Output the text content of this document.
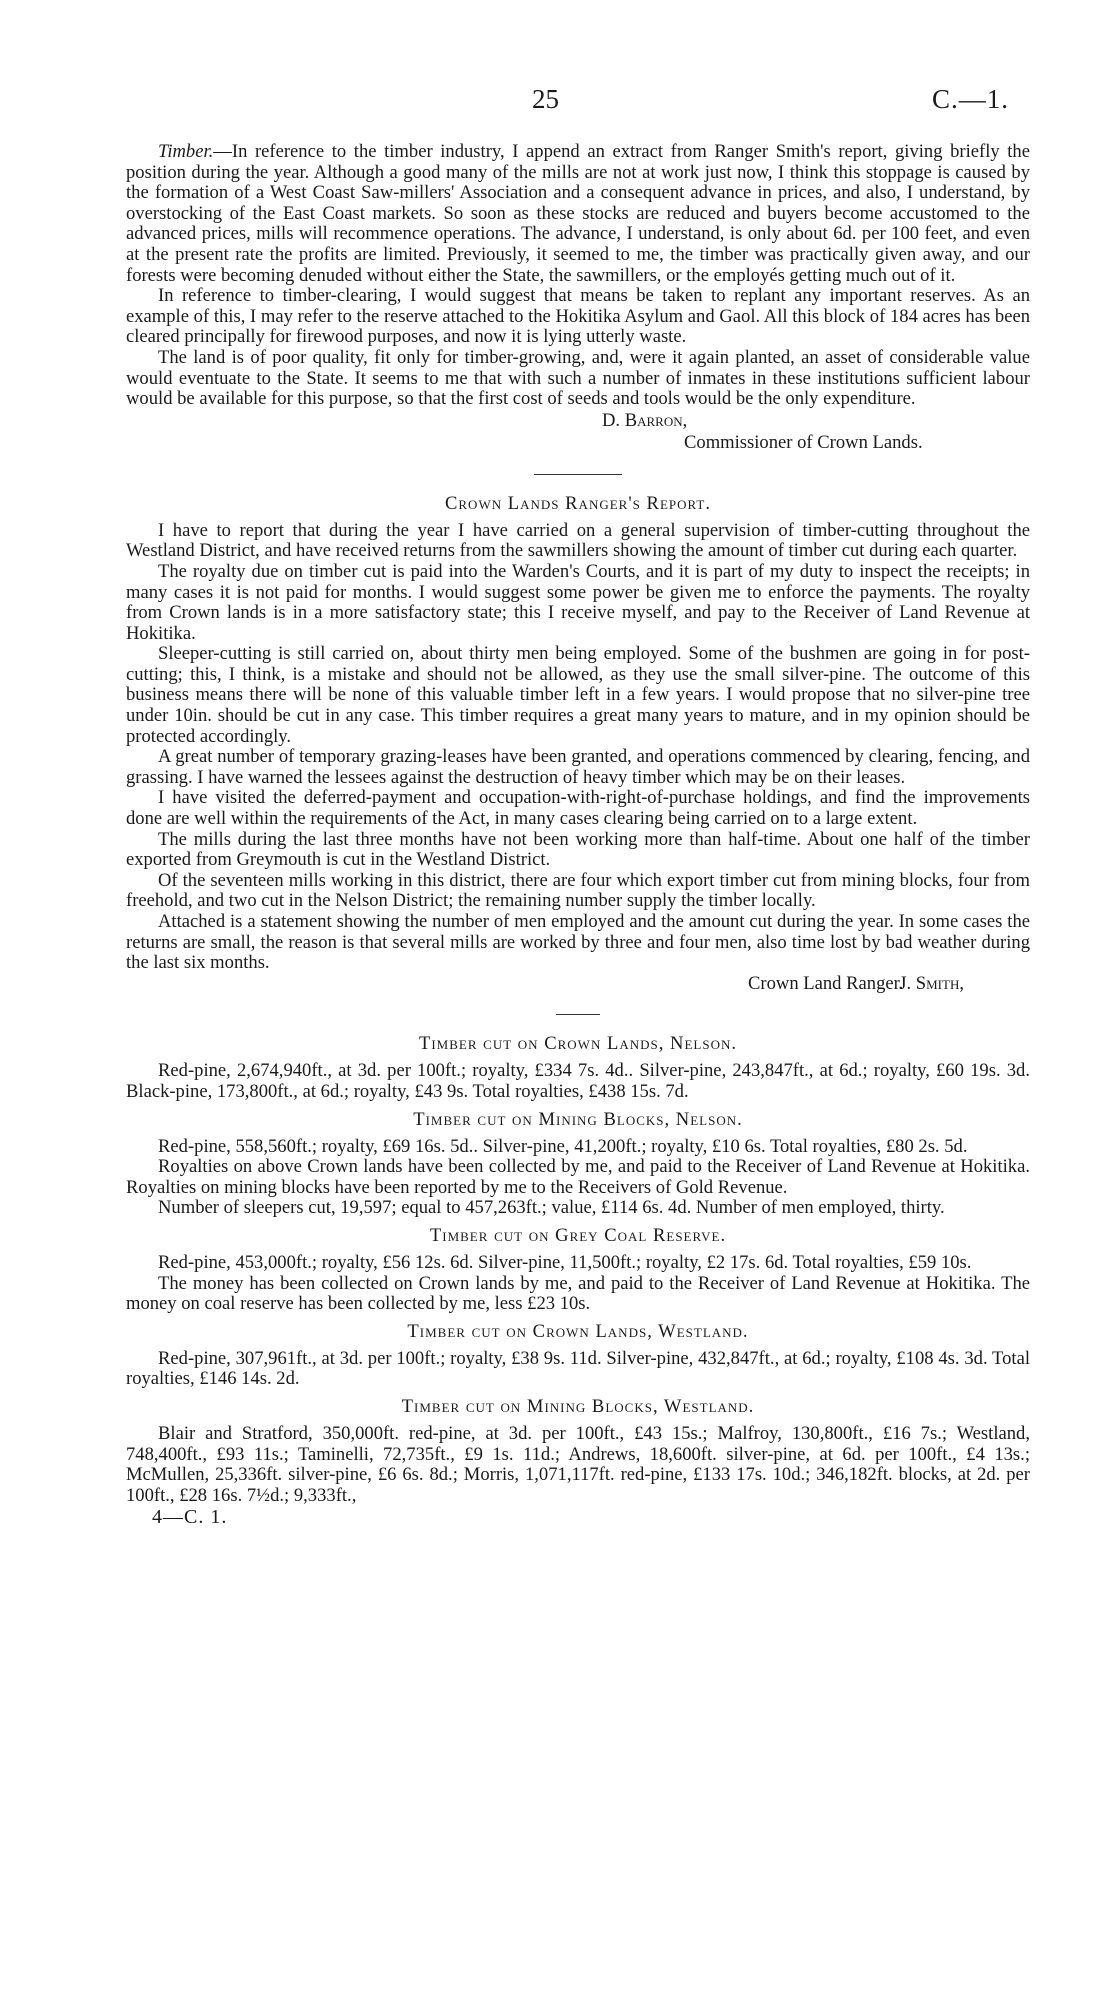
25	C.—1.

Timber.—In reference to the timber industry, I append an extract from Ranger Smith's report, giving briefly the position during the year. Although a good many of the mills are not at work just now, I think this stoppage is caused by the formation of a West Coast Saw-millers' Association and a consequent advance in prices, and also, I understand, by overstocking of the East Coast markets. So soon as these stocks are reduced and buyers become accustomed to the advanced prices, mills will recommence operations. The advance, I understand, is only about 6d. per 100 feet, and even at the present rate the profits are limited. Previously, it seemed to me, the timber was practically given away, and our forests were becoming denuded without either the State, the sawmillers, or the employés getting much out of it.

In reference to timber-clearing, I would suggest that means be taken to replant any important reserves. As an example of this, I may refer to the reserve attached to the Hokitika Asylum and Gaol. All this block of 184 acres has been cleared principally for firewood purposes, and now it is lying utterly waste.

The land is of poor quality, fit only for timber-growing, and, were it again planted, an asset of considerable value would eventuate to the State. It seems to me that with such a number of inmates in these institutions sufficient labour would be available for this purpose, so that the first cost of seeds and tools would be the only expenditure.

D. Barron,
Commissioner of Crown Lands.
Crown Lands Ranger's Report.

I have to report that during the year I have carried on a general supervision of timber-cutting throughout the Westland District, and have received returns from the sawmillers showing the amount of timber cut during each quarter.

The royalty due on timber cut is paid into the Warden's Courts, and it is part of my duty to inspect the receipts; in many cases it is not paid for months. I would suggest some power be given me to enforce the payments. The royalty from Crown lands is in a more satisfactory state; this I receive myself, and pay to the Receiver of Land Revenue at Hokitika.

Sleeper-cutting is still carried on, about thirty men being employed. Some of the bushmen are going in for post-cutting; this, I think, is a mistake and should not be allowed, as they use the small silver-pine. The outcome of this business means there will be none of this valuable timber left in a few years. I would propose that no silver-pine tree under 10in. should be cut in any case. This timber requires a great many years to mature, and in my opinion should be protected accordingly.

A great number of temporary grazing-leases have been granted, and operations commenced by clearing, fencing, and grassing. I have warned the lessees against the destruction of heavy timber which may be on their leases.

I have visited the deferred-payment and occupation-with-right-of-purchase holdings, and find the improvements done are well within the requirements of the Act, in many cases clearing being carried on to a large extent.

The mills during the last three months have not been working more than half-time. About one half of the timber exported from Greymouth is cut in the Westland District.

Of the seventeen mills working in this district, there are four which export timber cut from mining blocks, four from freehold, and two cut in the Nelson District; the remaining number supply the timber locally.

Attached is a statement showing the number of men employed and the amount cut during the year. In some cases the returns are small, the reason is that several mills are worked by three and four men, also time lost by bad weather during the last six months.

J. Smith,
Crown Land Ranger.
Timber cut on Crown Lands, Nelson.

Red-pine, 2,674,940ft., at 3d. per 100ft.; royalty, £334 7s. 4d.. Silver-pine, 243,847ft., at 6d.; royalty, £60 19s. 3d. Black-pine, 173,800ft., at 6d.; royalty, £43 9s. Total royalties, £438 15s. 7d.

Timber cut on Mining Blocks, Nelson.

Red-pine, 558,560ft.; royalty, £69 16s. 5d.. Silver-pine, 41,200ft.; royalty, £10 6s. Total royalties, £80 2s. 5d.

Royalties on above Crown lands have been collected by me, and paid to the Receiver of Land Revenue at Hokitika. Royalties on mining blocks have been reported by me to the Receivers of Gold Revenue.

Number of sleepers cut, 19,597; equal to 457,263ft.; value, £114 6s. 4d. Number of men employed, thirty.

Timber cut on Grey Coal Reserve.

Red-pine, 453,000ft.; royalty, £56 12s. 6d. Silver-pine, 11,500ft.; royalty, £2 17s. 6d. Total royalties, £59 10s.

The money has been collected on Crown lands by me, and paid to the Receiver of Land Revenue at Hokitika. The money on coal reserve has been collected by me, less £23 10s.

Timber cut on Crown Lands, Westland.

Red-pine, 307,961ft., at 3d. per 100ft.; royalty, £38 9s. 11d. Silver-pine, 432,847ft., at 6d.; royalty, £108 4s. 3d. Total royalties, £146 14s. 2d.

Timber cut on Mining Blocks, Westland.

Blair and Stratford, 350,000ft. red-pine, at 3d. per 100ft., £43 15s.; Malfroy, 130,800ft., £16 7s.; Westland, 748,400ft., £93 11s.; Taminelli, 72,735ft., £9 1s. 11d.; Andrews, 18,600ft. silver-pine, at 6d. per 100ft., £4 13s.; McMullen, 25,336ft. silver-pine, £6 6s. 8d.; Morris, 1,071,117ft. red-pine, £133 17s. 10d.; 346,182ft. blocks, at 2d. per 100ft., £28 16s. 7½d.; 9,333ft.,

4—C. 1.
